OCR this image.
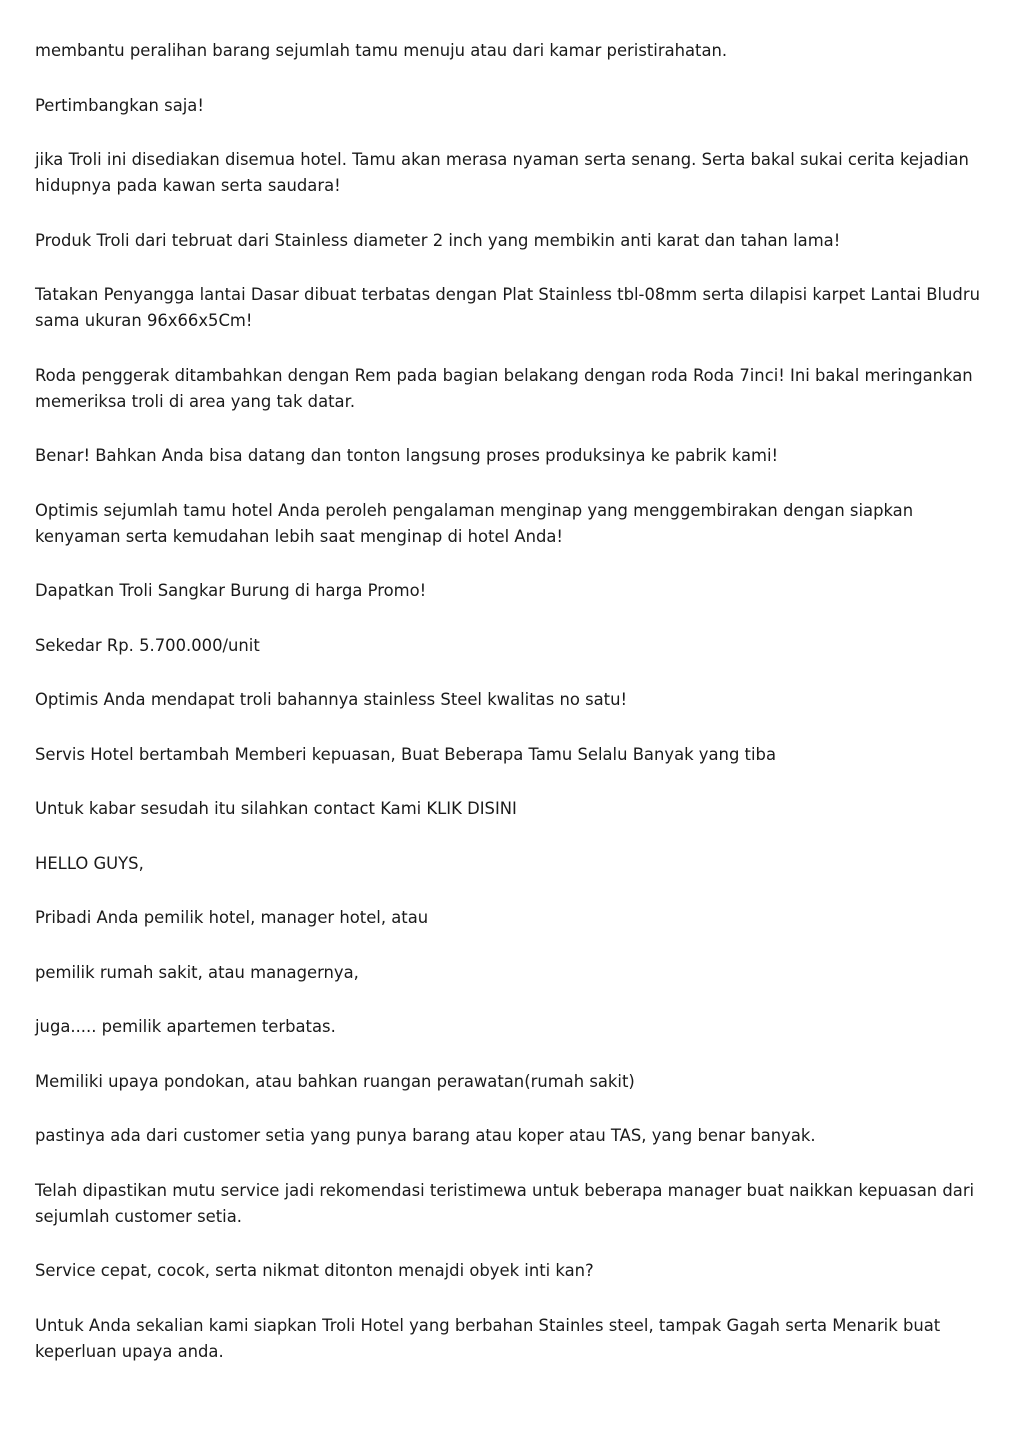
membantu peralihan barang sejumlah tamu menuju atau dari kamar peristirahatan.

Pertimbangkan saja!

jika Troli ini disediakan disemua hotel. Tamu akan merasa nyaman serta senang. Serta bakal sukai cerita kejadian hidupnya pada kawan serta saudara!

Produk Troli dari tebruat dari Stainless diameter 2 inch yang membikin anti karat dan tahan lama!

Tatakan Penyangga lantai Dasar dibuat terbatas dengan Plat Stainless tbl-08mm serta dilapisi karpet Lantai Bludru sama ukuran 96x66x5Cm!

Roda penggerak ditambahkan dengan Rem pada bagian belakang dengan roda Roda 7inci! Ini bakal meringankan memeriksa troli di area yang tak datar.

Benar! Bahkan Anda bisa datang dan tonton langsung proses produksinya ke pabrik kami!

Optimis sejumlah tamu hotel Anda peroleh pengalaman menginap yang menggembirakan dengan siapkan kenyaman serta kemudahan lebih saat menginap di hotel Anda!

Dapatkan Troli Sangkar Burung di harga Promo!

Sekedar Rp. 5.700.000/unit

Optimis Anda mendapat troli bahannya stainless Steel kwalitas no satu!

Servis Hotel bertambah Memberi kepuasan, Buat Beberapa Tamu Selalu Banyak yang tiba

Untuk kabar sesudah itu silahkan contact Kami KLIK DISINI

HELLO GUYS,

Pribadi Anda pemilik hotel, manager hotel, atau

pemilik rumah sakit, atau managernya,

juga..... pemilik apartemen terbatas.

Memiliki upaya pondokan, atau bahkan ruangan perawatan(rumah sakit)

pastinya ada dari customer setia yang punya barang atau koper atau TAS, yang benar banyak.

Telah dipastikan mutu service jadi rekomendasi teristimewa untuk beberapa manager buat naikkan kepuasan dari sejumlah customer setia.

Service cepat, cocok, serta nikmat ditonton menajdi obyek inti kan?

Untuk Anda sekalian kami siapkan Troli Hotel yang berbahan Stainles steel, tampak Gagah serta Menarik buat keperluan upaya anda.
